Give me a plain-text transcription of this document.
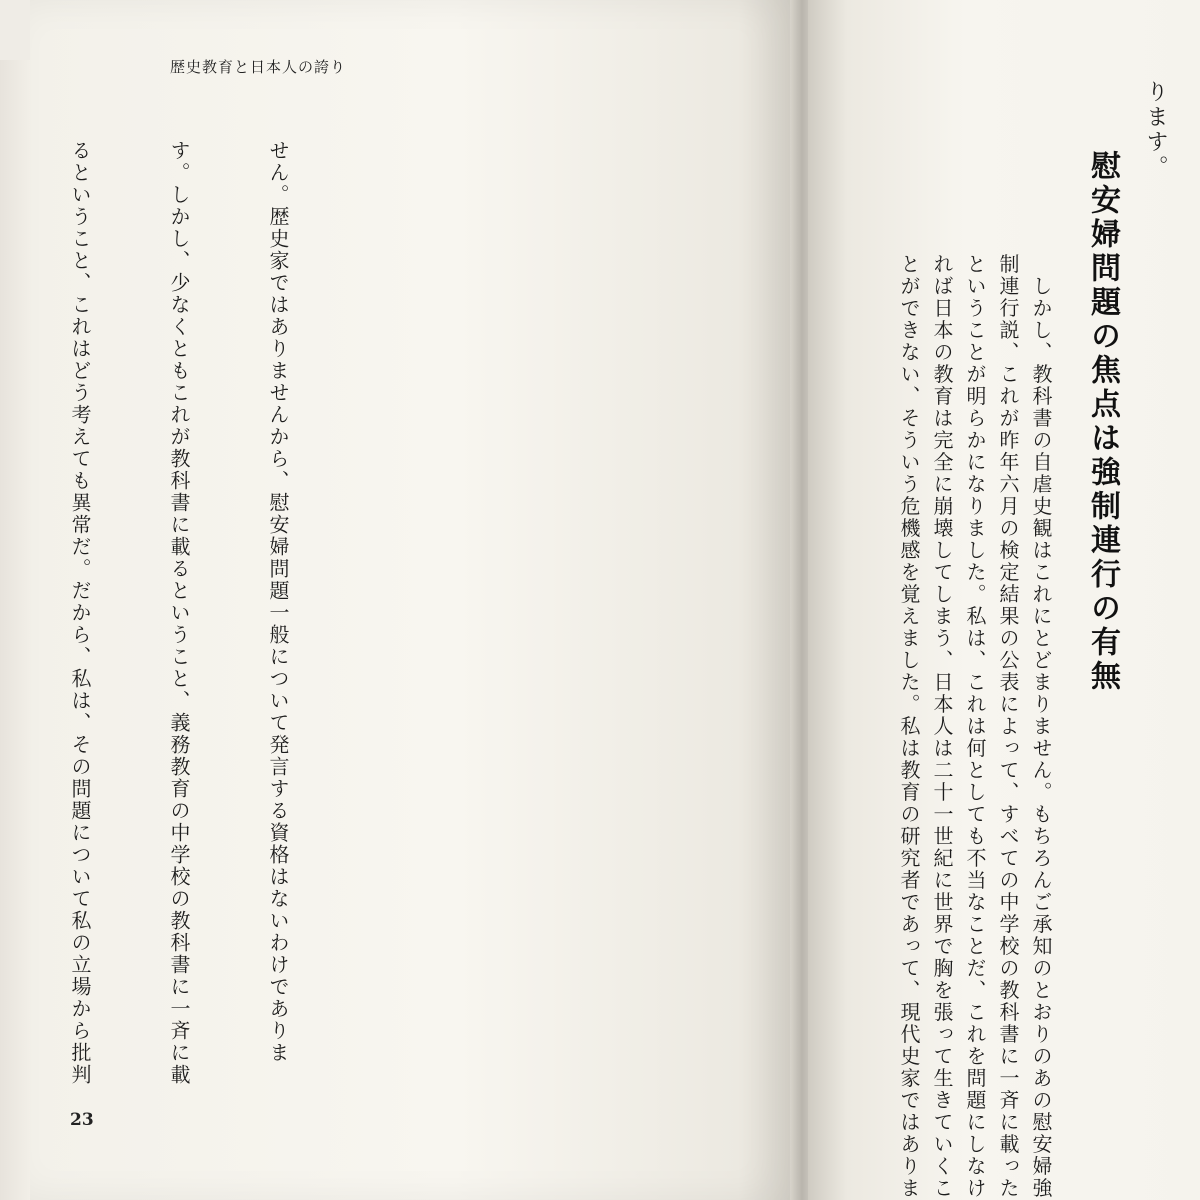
歴史教育と日本人の誇り

せん。歴史家ではありませんから、慰安婦問題一般について発言する資格はないわけでありま

す。しかし、少なくともこれが教科書に載るということ、義務教育の中学校の教科書に一斉に載

るということ、これはどう考えても異常だ。だから、私は、その問題について私の立場から批判

23
ります。
慰安婦問題の焦点は強制連行の有無

　しかし、教科書の自虐史観はこれにとどまりません。もちろんご承知のとおりのあの慰安婦強
制連行説、これが昨年六月の検定結果の公表によって、すべての中学校の教科書に一斉に載った
ということが明らかになりました。私は、これは何としても不当なことだ、これを問題にしなけ
れば日本の教育は完全に崩壊してしまう、日本人は二十一世紀に世界で胸を張って生きていくこ
とができない、そういう危機感を覚えました。私は教育の研究者であって、現代史家ではありま
